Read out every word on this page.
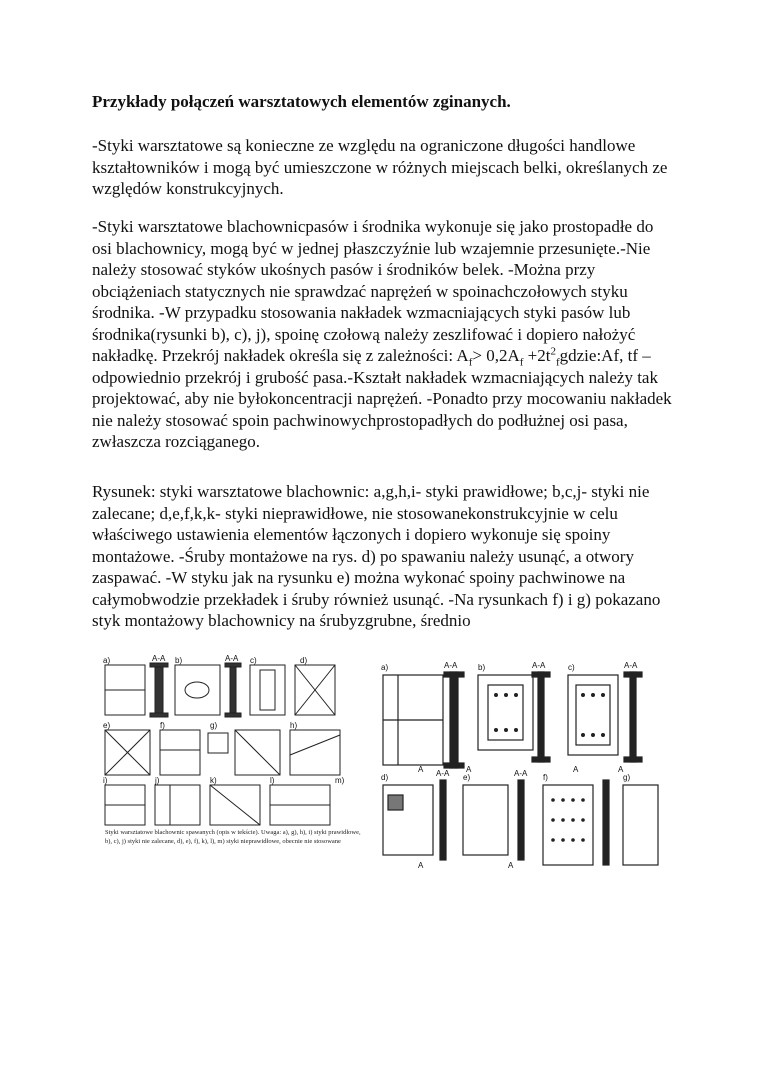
Przykłady połączeń warsztatowych elementów zginanych.

-Styki warsztatowe są konieczne ze względu na ograniczone długości handlowe kształtowników i mogą być umieszczone w różnych miejscach belki, określanych ze względów konstrukcyjnych.

-Styki warsztatowe blachownicpasów i środnika wykonuje się jako prostopadłe do osi blachownicy, mogą być w jednej płaszczyźnie lub wzajemnie przesunięte.-Nie należy stosować styków ukośnych pasów i środników belek. -Można przy obciążeniach statycznych nie sprawdzać naprężeń w spoinachczołowych styku środnika. -W przypadku stosowania nakładek wzmacniających styki pasów lub środnika(rysunki b), c), j), spoinę czołową należy zeszlifować i dopiero nałożyć nakładkę. Przekrój nakładek określa się z zależności: $A_f> 0,2A_f$ $+2t^2_fgdzie:Af$, tf – odpowiednio przekrój i grubość pasa.-Kształt nakładek wzmacniających należy tak projektować, aby nie byłokoncentracji naprężeń. -Ponadto przy mocowaniu nakładek nie należy stosować spoin pachwinowychprostopadłych do podłużnej osi pasa, zwłaszcza rozciąganego.

Rysunek: styki warsztatowe blachownic: a,g,h,i- styki prawidłowe; b,c,j- styki nie zalecane; d,e,f,k,k- styki nieprawidłowe, nie stosowanekonstrukcyjnie w celu właściwego ustawienia elementów łączonych i dopiero wykonuje się spoiny montażowe. -Śruby montażowe na rys. d) po spawaniu należy usunąć, a otwory zaspawać. -W styku jak na rysunku e) można wykonać spoiny pachwinowe na całymobwodzie przekładek i śruby również usunąć. -Na rysunkach f) i g) pokazano styk montażowy blachownicy na śrubyzgrubne, średnio

a)	A-A b)	A-A c)	d)
e)	f)	g)	h)
i)	j)	k)	l)	m)
Styki warsztatowe blachownic spawanych (opis w tekście). Uwaga: a), g), h), i) styki prawidłowe, b), c), j) styki nie zalecane, d), e), f), k), l), m) styki nieprawidłowe, obecnie nie stosowane
a)	A-A	b)	A-A	c)	A-A
d)	A-A e)	A-A f)	g)
A
A
A
A
A	A
